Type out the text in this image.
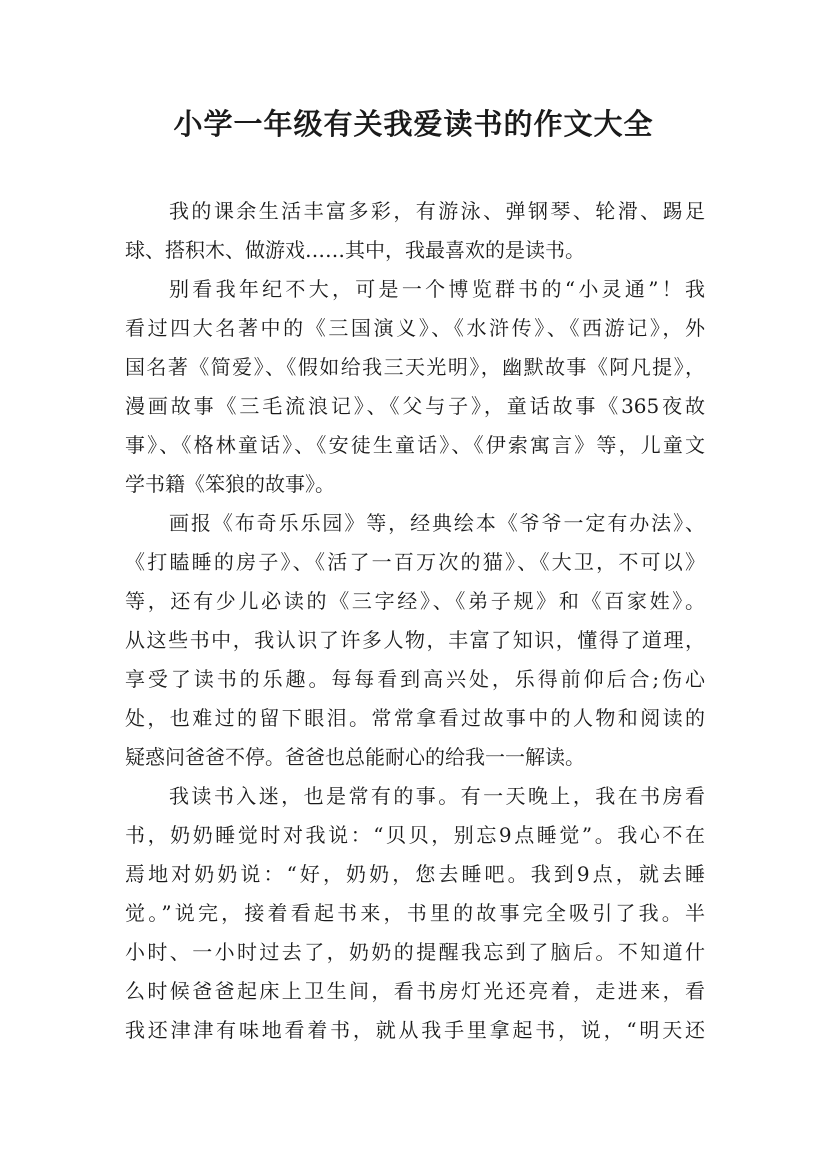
小学一年级有关我爱读书的作文大全
我的课余生活丰富多彩，有游泳、弹钢琴、轮滑、踢足
球、搭积木、做游戏……其中，我最喜欢的是读书。
别看我年纪不大，可是一个博览群书的“小灵通”！我
看过四大名著中的《三国演义》、《水浒传》、《西游记》，外
国名著《简爱》、《假如给我三天光明》，幽默故事《阿凡提》，
漫画故事《三毛流浪记》、《父与子》，童话故事《365夜故
事》、《格林童话》、《安徒生童话》、《伊索寓言》等，儿童文
学书籍《笨狼的故事》。
画报《布奇乐乐园》等，经典绘本《爷爷一定有办法》、
《打瞌睡的房子》、《活了一百万次的猫》、《大卫，不可以》
等，还有少儿必读的《三字经》、《弟子规》和《百家姓》。
从这些书中，我认识了许多人物，丰富了知识，懂得了道理，
享受了读书的乐趣。每每看到高兴处，乐得前仰后合;伤心
处，也难过的留下眼泪。常常拿看过故事中的人物和阅读的
疑惑问爸爸不停。爸爸也总能耐心的给我一一解读。
我读书入迷，也是常有的事。有一天晚上，我在书房看
书，奶奶睡觉时对我说：“贝贝，别忘9点睡觉”。我心不在
焉地对奶奶说：“好，奶奶，您去睡吧。我到9点，就去睡
觉。”说完，接着看起书来，书里的故事完全吸引了我。半
小时、一小时过去了，奶奶的提醒我忘到了脑后。不知道什
么时候爸爸起床上卫生间，看书房灯光还亮着，走进来，看
我还津津有味地看着书，就从我手里拿起书，说，“明天还
